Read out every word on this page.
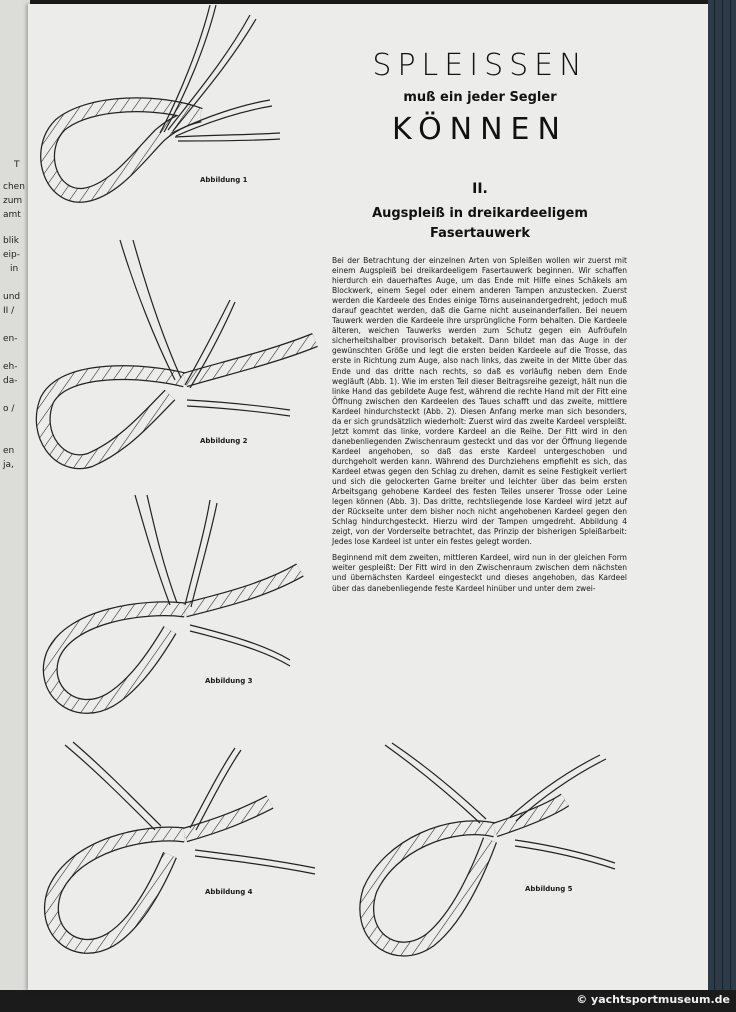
T
chen
zum
amt
blik
eip-
in
und
II /
en-
eh-
da-
o /
en
ja,
SPLEISSEN
muß ein jeder Segler
KÖNNEN
II.
Augspleiß in dreikardeeligem
Fasertauwerk

Bei der Betrachtung der einzelnen Arten von Spleißen wollen wir zuerst mit einem Augspleiß bei dreikardeeligem Fasertauwerk beginnen. Wir schaffen hierdurch ein dauerhaftes Auge, um das Ende mit Hilfe eines Schäkels am Blockwerk, einem Segel oder einem anderen Tampen anzustecken. Zuerst werden die Kardeele des Endes einige Törns auseinandergedreht, jedoch muß darauf geachtet werden, daß die Garne nicht auseinanderfallen. Bei neuem Tauwerk werden die Kardeele ihre ursprüngliche Form behalten. Die Kardeele älteren, weichen Tauwerks werden zum Schutz gegen ein Aufröufeln sicherheitshalber provisorisch betakelt. Dann bildet man das Auge in der gewünschten Größe und legt die ersten beiden Kardeele auf die Trosse, das erste in Richtung zum Auge, also nach links, das zweite in der Mitte über das Ende und das dritte nach rechts, so daß es vorläufig neben dem Ende wegläuft (Abb. 1). Wie im ersten Teil dieser Beitragsreihe gezeigt, hält nun die linke Hand das gebildete Auge fest, während die rechte Hand mit der Fitt eine Öffnung zwischen den Kardeelen des Taues schafft und das zweite, mittlere Kardeel hindurchsteckt (Abb. 2). Diesen Anfang merke man sich besonders, da er sich grundsätzlich wiederholt: Zuerst wird das zweite Kardeel verspleißt. Jetzt kommt das linke, vordere Kardeel an die Reihe. Der Fitt wird in den danebenliegenden Zwischenraum gesteckt und das vor der Öffnung liegende Kardeel angehoben, so daß das erste Kardeel untergeschoben und durchgeholt werden kann. Während des Durchziehens empfiehlt es sich, das Kardeel etwas gegen den Schlag zu drehen, damit es seine Festigkeit verliert und sich die gelockerten Garne breiter und leichter über das beim ersten Arbeitsgang gehobene Kardeel des festen Teiles unserer Trosse oder Leine legen können (Abb. 3). Das dritte, rechtsliegende lose Kardeel wird jetzt auf der Rückseite unter dem bisher noch nicht angehobenen Kardeel gegen den Schlag hindurchgesteckt. Hierzu wird der Tampen umgedreht. Abbildung 4 zeigt, von der Vorderseite betrachtet, das Prinzip der bisherigen Spleißarbeit: Jedes lose Kardeel ist unter ein festes gelegt worden.

Beginnend mit dem zweiten, mittleren Kardeel, wird nun in der gleichen Form weiter gespleißt: Der Fitt wird in den Zwischenraum zwischen dem nächsten und übernächsten Kardeel eingesteckt und dieses angehoben, das Kardeel über das danebenliegende feste Kardeel hinüber und unter dem zwei-

Abbildung 1
Abbildung 2
Abbildung 3
Abbildung 4	Abbildung 5
© yachtsportmuseum.de
